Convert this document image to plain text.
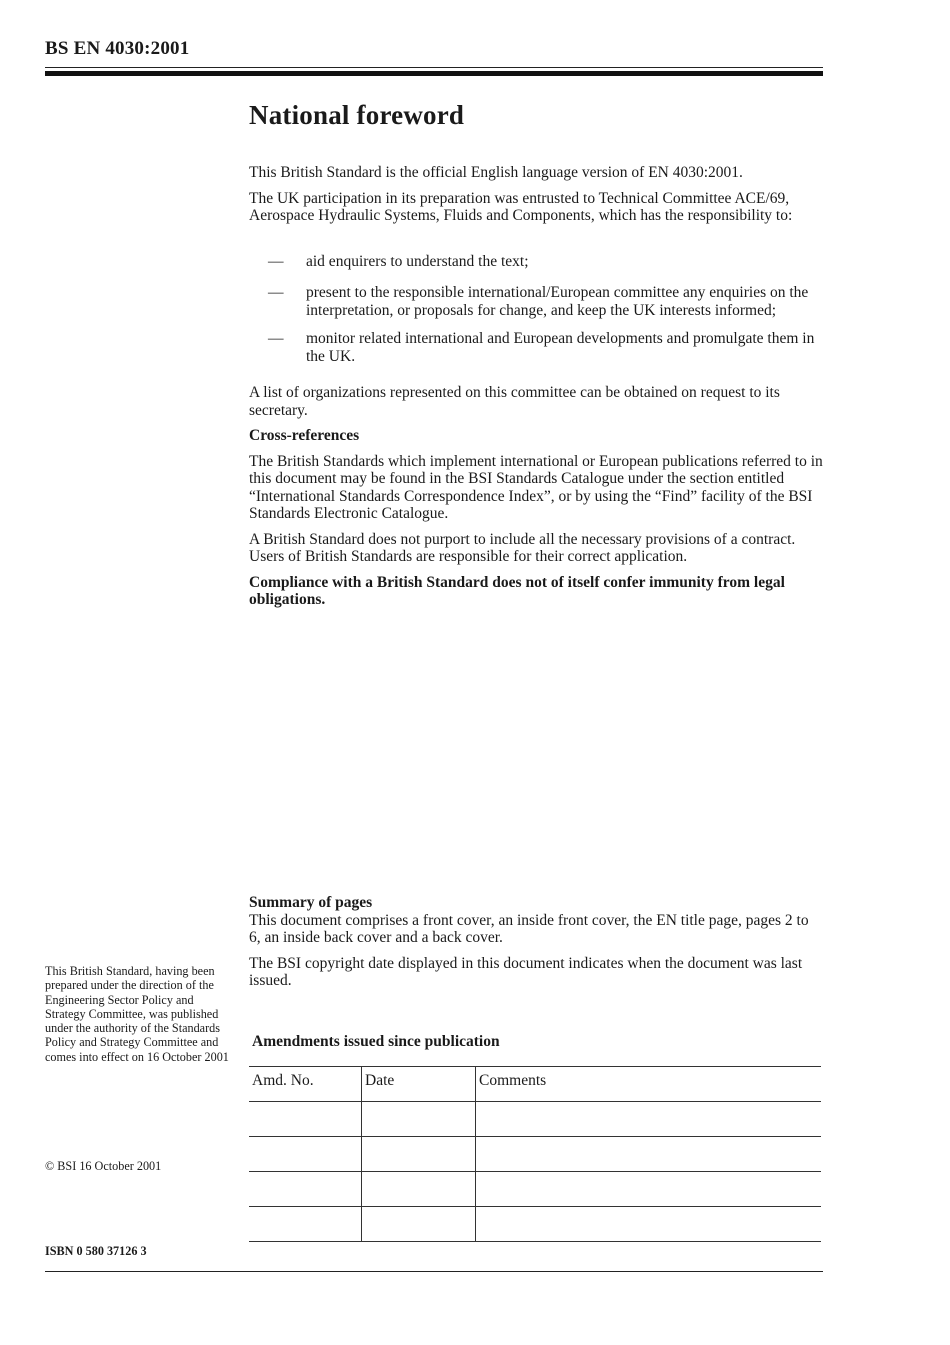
BS EN 4030:2001
National foreword

This British Standard is the official English language version of EN 4030:2001.

The UK participation in its preparation was entrusted to Technical Committee ACE/69, Aerospace Hydraulic Systems, Fluids and Components, which has the responsibility to:

— aid enquirers to understand the text;
— present to the responsible international/European committee any enquiries on the interpretation, or proposals for change, and keep the UK interests informed;
— monitor related international and European developments and promulgate them in the UK.

A list of organizations represented on this committee can be obtained on request to its secretary.

Cross-references

The British Standards which implement international or European publications referred to in this document may be found in the BSI Standards Catalogue under the section entitled “International Standards Correspondence Index”, or by using the “Find” facility of the BSI Standards Electronic Catalogue.

A British Standard does not purport to include all the necessary provisions of a contract. Users of British Standards are responsible for their correct application.

Compliance with a British Standard does not of itself confer immunity from legal obligations.

Summary of pages

This document comprises a front cover, an inside front cover, the EN title page, pages 2 to 6, an inside back cover and a back cover.

The BSI copyright date displayed in this document indicates when the document was last issued.

Amendments issued since publication
Amd. No.	Date	Comments

This British Standard, having been prepared under the direction of the Engineering Sector Policy and Strategy Committee, was published under the authority of the Standards Policy and Strategy Committee and comes into effect on 16 October 2001
© BSI 16 October 2001
ISBN 0 580 37126 3
